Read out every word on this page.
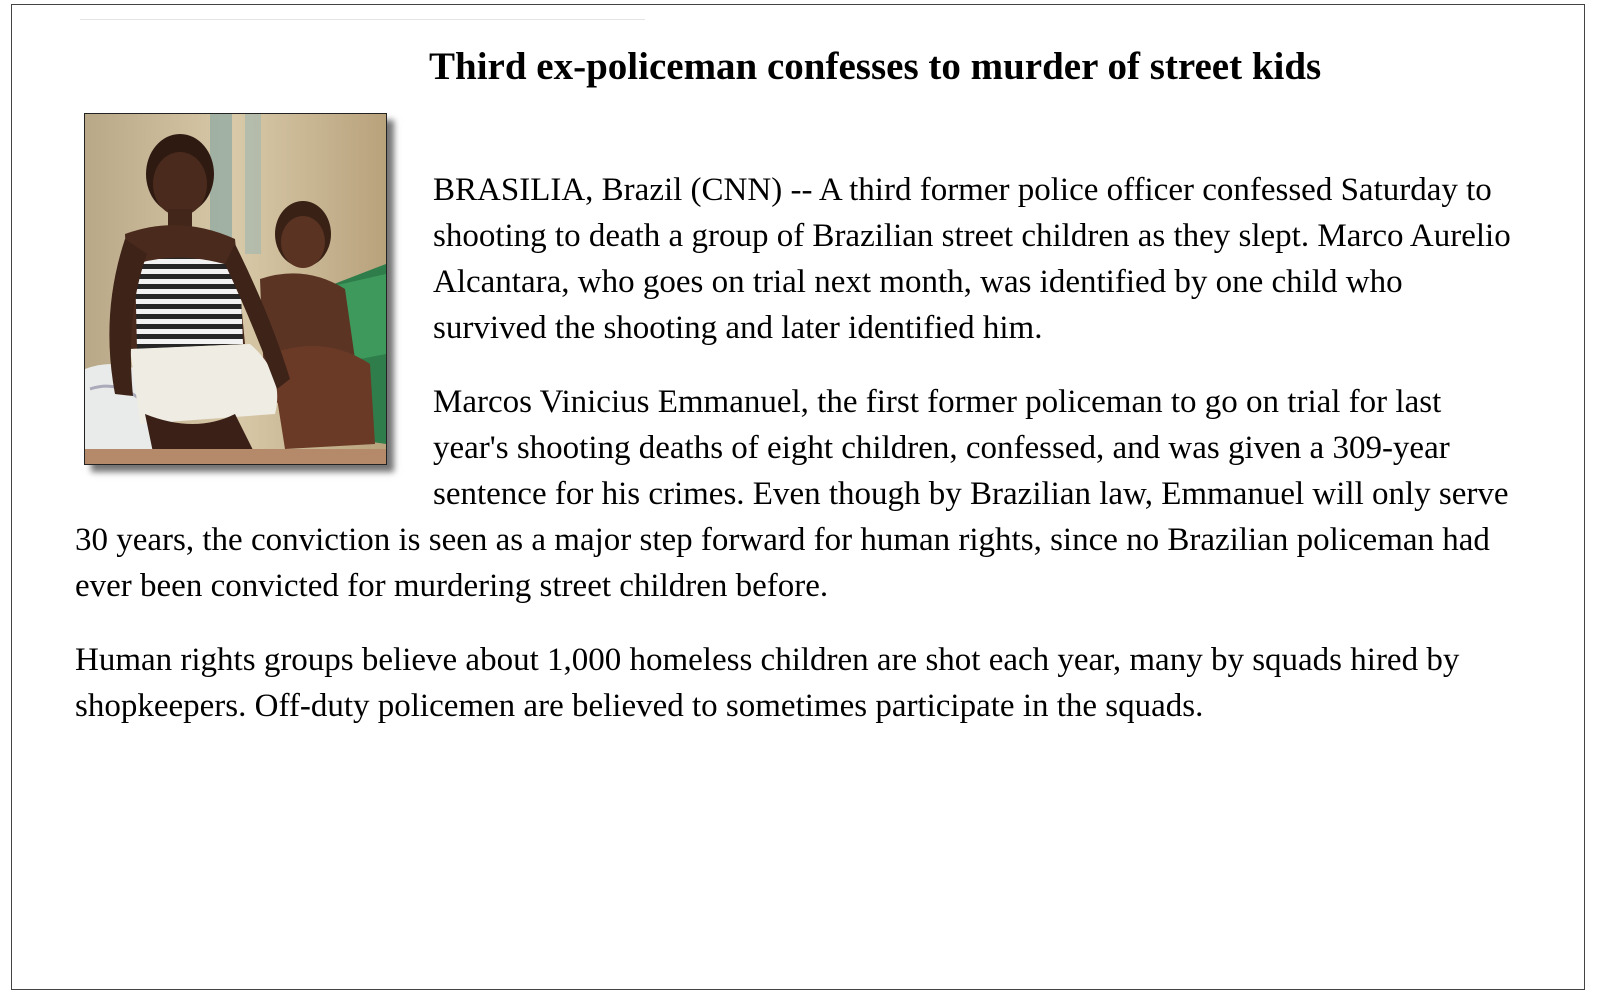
Third ex-policeman confesses to murder of street kids

BRASILIA, Brazil (CNN) -- A third former police officer confessed Saturday to shooting to death a group of Brazilian street children as they slept. Marco Aurelio Alcantara, who goes on trial next month, was identified by one child who survived the shooting and later identified him.

Marcos Vinicius Emmanuel, the first former policeman to go on trial for last year's shooting deaths of eight children, confessed, and was given a 309-year sentence for his crimes. Even though by Brazilian law, Emmanuel will only serve 30 years, the conviction is seen as a major step forward for human rights, since no Brazilian policeman had ever been convicted for murdering street children before.

Human rights groups believe about 1,000 homeless children are shot each year, many by squads hired by shopkeepers. Off-duty policemen are believed to sometimes participate in the squads.
